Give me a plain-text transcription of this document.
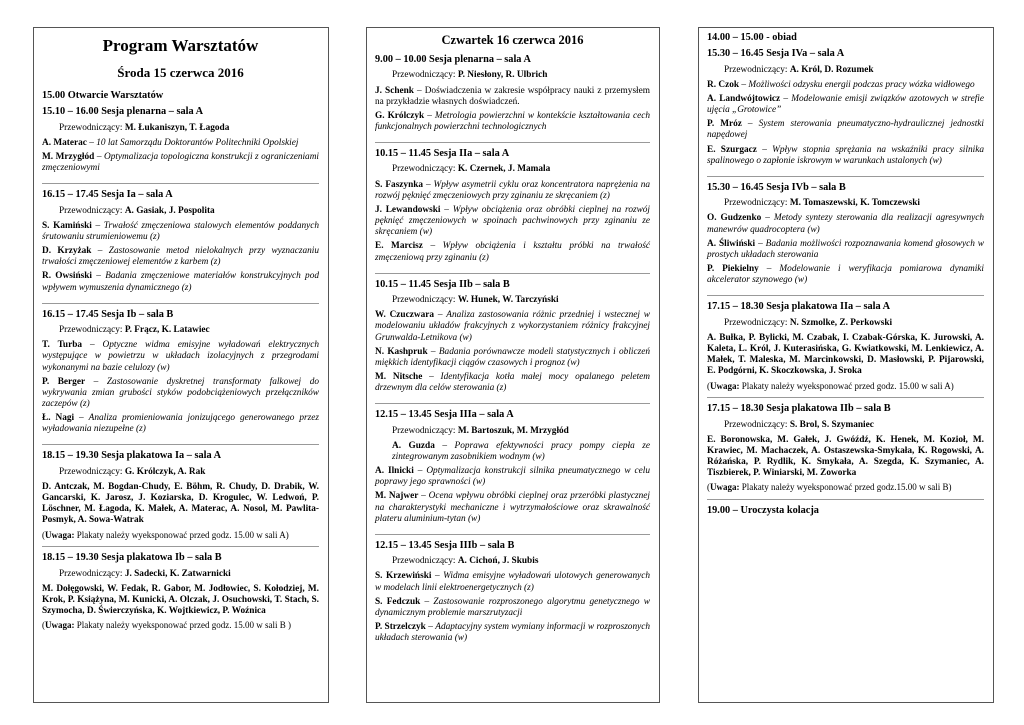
Program Warsztatów
Środa 15 czerwca 2016
15.00 Otwarcie Warsztatów
15.10 – 16.00 Sesja plenarna – sala A
Przewodniczący: M. Łukaniszyn, T. Łagoda
A. Materac – 10 lat Samorządu Doktorantów Politechniki Opolskiej
M. Mrzygłód – Optymalizacja topologiczna konstrukcji z ograniczeniami zmęczeniowymi
16.15 – 17.45 Sesja Ia – sala A
Przewodniczący: A. Gasiak, J. Pospolita
S. Kamiński – Trwałość zmęczeniowa stalowych elementów poddanych śrutowaniu strumieniowemu (z)
D. Krzyżak – Zastosowanie metod nielokalnych przy wyznaczaniu trwałości zmęczeniowej elementów z karbem (z)
R. Owsiński – Badania zmęczeniowe materiałów konstrukcyjnych pod wpływem wymuszenia dynamicznego (z)
16.15 – 17.45 Sesja Ib – sala B
Przewodniczący: P. Frącz, K. Latawiec
T. Turba – Optyczne widma emisyjne wyładowań elektrycznych występujące w powietrzu w układach izolacyjnych z przegrodami wykonanymi na bazie celulozy (w)
P. Berger – Zastosowanie dyskretnej transformaty falkowej do wykrywania zmian grubości styków podobciążeniowych przełączników zaczepów (z)
Ł. Nagi – Analiza promieniowania jonizującego generowanego przez wyładowania niezupełne (z)
18.15 – 19.30 Sesja plakatowa Ia – sala A
Przewodniczący: G. Królczyk, A. Rak
D. Antczak, M. Bogdan-Chudy, E. Böhm, R. Chudy, D. Drabik, W. Gancarski, K. Jarosz, J. Koziarska, D. Krogulec, W. Ledwoń, P. Löschner, M. Łagoda, K. Małek, A. Materac, A. Nosol, M. Pawlita-Posmyk, A. Sowa-Watrak
(Uwaga: Plakaty należy wyeksponować przed godz. 15.00 w sali A)
18.15 – 19.30 Sesja plakatowa Ib – sala B
Przewodniczący: J. Sadecki, K. Zatwarnicki
M. Dołęgowski, W. Fedak, R. Gabor, M. Jodłowiec, S. Kołodziej, M. Krok, P. Książyna, M. Kunicki, A. Olczak, J. Osuchowski, T. Stach, S. Szymocha, D. Świerczyńska, K. Wojtkiewicz, P. Woźnica
(Uwaga: Plakaty należy wyeksponować przed godz. 15.00 w sali B )
Czwartek 16 czerwca 2016
9.00 – 10.00 Sesja plenarna – sala A
Przewodniczący: P. Niesłony, R. Ulbrich
J. Schenk – Doświadczenia w zakresie współpracy nauki z przemysłem na przykładzie własnych doświadczeń.
G. Królczyk – Metrologia powierzchni w kontekście kształtowania cech funkcjonalnych powierzchni technologicznych
10.15 – 11.45 Sesja IIa – sala A
Przewodniczący: K. Czernek, J. Mamala
S. Faszynka – Wpływ asymetrii cyklu oraz koncentratora naprężenia na rozwój pęknięć zmęczeniowych przy zginaniu ze skręcaniem (z)
J. Lewandowski – Wpływ obciążenia oraz obróbki cieplnej na rozwój pęknięć zmęczeniowych w spoinach pachwinowych przy zginaniu ze skręcaniem (w)
E. Marcisz – Wpływ obciążenia i kształtu próbki na trwałość zmęczeniową przy zginaniu (z)
10.15 – 11.45 Sesja IIb – sala B
Przewodniczący: W. Hunek, W. Tarczyński
W. Czuczwara – Analiza zastosowania różnic przedniej i wstecznej w modelowaniu układów frakcyjnych z wykorzystaniem różnicy frakcyjnej Grunwalda-Letnikova (w)
N. Kashpruk – Badania porównawcze modeli statystycznych i obliczeń miękkich identyfikacji ciągów czasowych i prognoz (w)
M. Nitsche – Identyfikacja kotła małej mocy opalanego peletem drzewnym dla celów sterowania (z)
12.15 – 13.45 Sesja IIIa – sala A
Przewodniczący: M. Bartoszuk, M. Mrzygłód
A. Guzda – Poprawa efektywności pracy pompy ciepła ze zintegrowanym zasobnikiem wodnym (w)
A. Ilnicki – Optymalizacja konstrukcji silnika pneumatycznego w celu poprawy jego sprawności (w)
M. Najwer – Ocena wpływu obróbki cieplnej oraz przeróbki plastycznej na charakterystyki mechaniczne i wytrzymałościowe oraz skrawalność plateru aluminium-tytan (w)
12.15 – 13.45 Sesja IIIb – sala B
Przewodniczący: A. Cichoń, J. Skubis
S. Krzewiński – Widma emisyjne wyładowań ulotowych generowanych w modelach linii elektroenergetycznych (z)
S. Fedczuk – Zastosowanie rozproszonego algorytmu genetycznego w dynamicznym problemie marszrutyzacji
P. Strzelczyk – Adaptacyjny system wymiany informacji w rozproszonych układach sterowania (w)
14.00 – 15.00 - obiad
15.30 – 16.45 Sesja IVa – sala A
Przewodniczący: A. Król, D. Rozumek
R. Czok – Możliwości odzysku energii podczas pracy wózka widłowego
A. Landwójtowicz – Modelowanie emisji związków azotowych w strefie ujęcia „Grotowice”
P. Mróz – System sterowania pneumatyczno-hydraulicznej jednostki napędowej
E. Szurgacz – Wpływ stopnia sprężania na wskaźniki pracy silnika spalinowego o zapłonie iskrowym w warunkach ustalonych (w)
15.30 – 16.45 Sesja IVb – sala B
Przewodniczący: M. Tomaszewski, K. Tomczewski
O. Gudzenko – Metody syntezy sterowania dla realizacji agresywnych manewrów quadrocoptera (w)
A. Śliwiński – Badania możliwości rozpoznawania komend głosowych w prostych układach sterowania
P. Piekielny – Modelowanie i weryfikacja pomiarowa dynamiki akcelerator szynowego (w)
17.15 – 18.30 Sesja plakatowa IIa – sala A
Przewodniczący: N. Szmolke, Z. Perkowski
A. Bułka, P. Bylicki, M. Czabak, I. Czabak-Górska, K. Jurowski, A. Kaleta, L. Król, J. Kuterasińska, G. Kwiatkowski, M. Lenkiewicz, A. Małek, T. Maleska, M. Marcinkowski, D. Masłowski, P. Pijarowski, E. Podgórni, K. Skoczkowska, J. Sroka
(Uwaga: Plakaty należy wyeksponować przed godz. 15.00 w sali A)
17.15 – 18.30 Sesja plakatowa IIb – sala B
Przewodniczący: S. Brol, S. Szymaniec
E. Boronowska, M. Gałek, J. Gwóźdź, K. Henek, M. Kozioł, M. Krawiec, M. Machaczek, A. Ostaszewska-Smykała, K. Rogowski, A. Różańska, P. Rydlik, K. Smykała, A. Szegda, K. Szymaniec, A. Tiszbierek, P. Winiarski, M. Zoworka
(Uwaga: Plakaty należy wyeksponować przed godz.15.00 w sali B)
19.00 – Uroczysta kolacja
